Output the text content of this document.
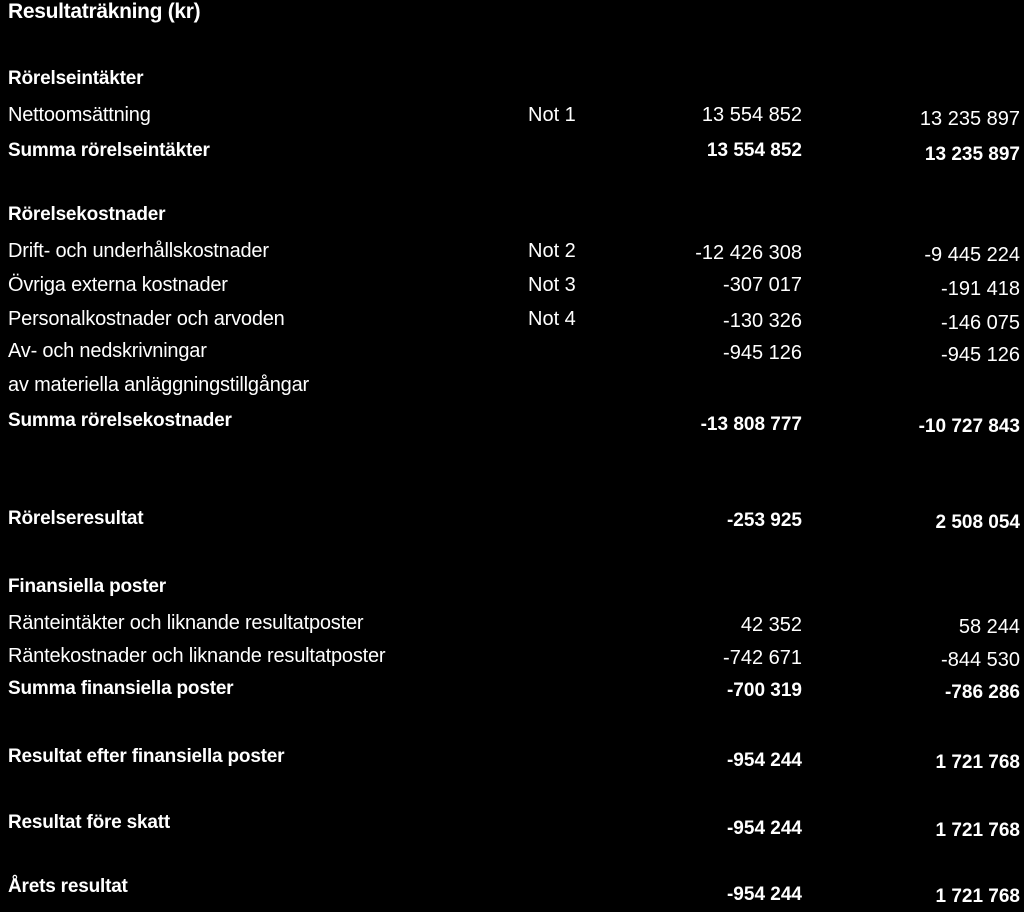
Resultaträkning (kr)
Rörelseintäkter
Nettoomsättning	Not 1	13 554 852	13 235 897
Summa rörelseintäkter	13 554 852	13 235 897
Rörelsekostnader
Drift- och underhållskostnader	Not 2	-12 426 308	-9 445 224
Övriga externa kostnader	Not 3	-307 017	-191 418
Personalkostnader och arvoden	Not 4	-130 326	-146 075
Av- och nedskrivningar	-945 126	-945 126
av materiella anläggningstillgångar
Summa rörelsekostnader	-13 808 777	-10 727 843
Rörelseresultat	-253 925	2 508 054
Finansiella poster
Ränteintäkter och liknande resultatposter	42 352	58 244
Räntekostnader och liknande resultatposter	-742 671	-844 530
Summa finansiella poster	-700 319	-786 286
Resultat efter finansiella poster	-954 244	1 721 768
Resultat före skatt	-954 244	1 721 768
Årets resultat	-954 244	1 721 768
